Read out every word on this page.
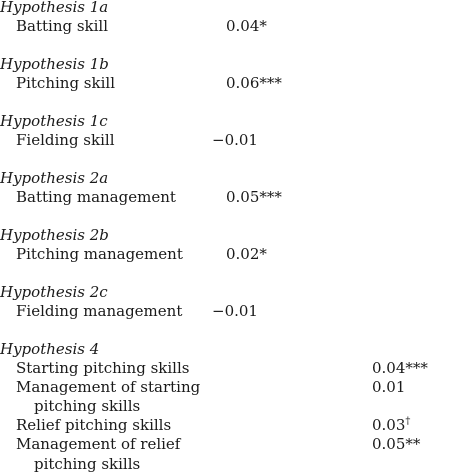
Hypothesis 1a
Batting skill	0.04*
Hypothesis 1b
Pitching skill	0.06***
Hypothesis 1c
Fielding skill	−0.01
Hypothesis 2a
Batting management	0.05***
Hypothesis 2b
Pitching management	0.02*
Hypothesis 2c
Fielding management −0.01
Hypothesis 4
Starting pitching skills	0.04***
Management of starting	0.01
pitching skills
Relief pitching skills	0.03†
Management of relief	0.05**
pitching skills
